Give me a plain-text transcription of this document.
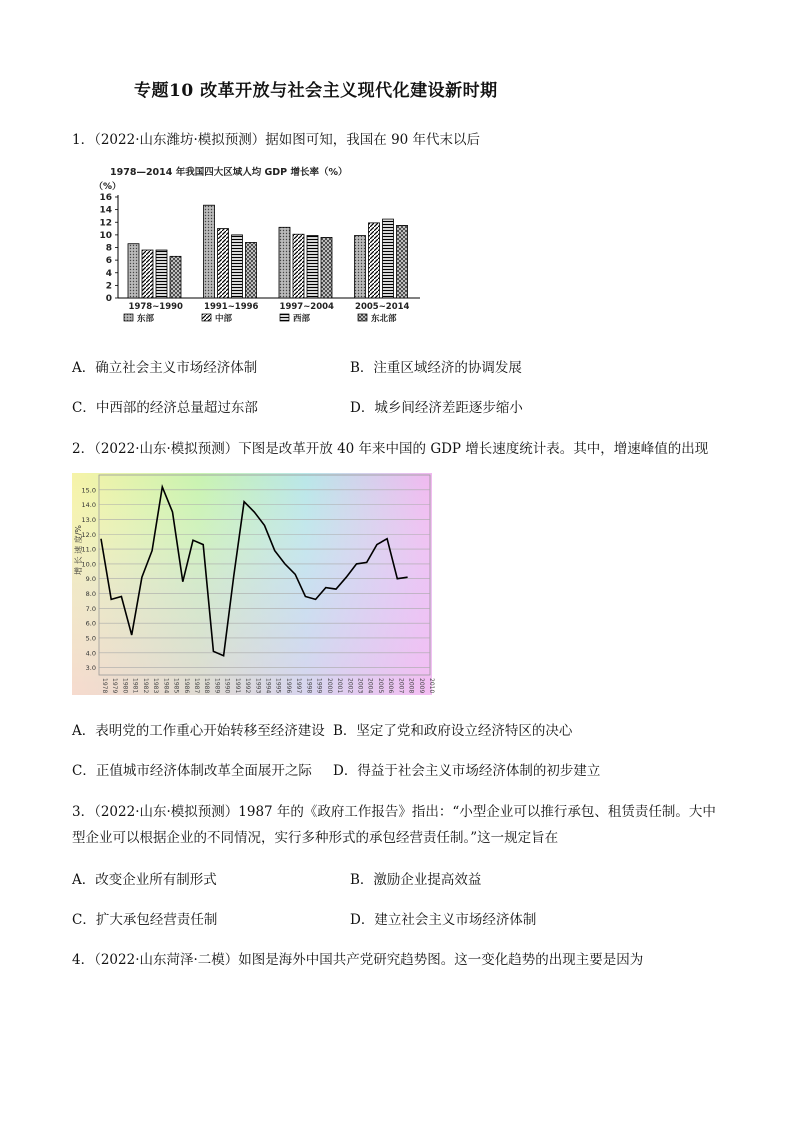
专题10 改革开放与社会主义现代化建设新时期
1．（2022·山东潍坊·模拟预测）据如图可知，我国在 90 年代末以后
1978—2014 年我国四大区域人均 GDP 增长率（%）
（%）
16
14
12
10
8
6
4
2
0
1978~1990 1991~1996 1997~2004 2005~2014
东部	中部	西部	东北部
A．确立社会主义市场经济体制	B．注重区域经济的协调发展
C．中西部的经济总量超过东部	D．城乡间经济差距逐步缩小
2．（2022·山东·模拟预测）下图是改革开放 40 年来中国的 GDP 增长速度统计表。其中，增速峰值的出现
15.0
14.0
13.0
12.0
11.0
10.0
9.0
8.0
7.0
6.0
5.0
4.0
3.0
1978 1979 1980 1981 1982 1983 1984 1985 1986 1987 1988 1989 1990 1991 1992 1993 1994 1995 1996 1997 1998 1999 2000 2001 2002 2003 2004 2005 2006 2007 2008 2009 2010
增 长 速 度/%
A．表明党的工作重心开始转移至经济建设 B．坚定了党和政府设立经济特区的决心
C．正值城市经济体制改革全面展开之际 D．得益于社会主义市场经济体制的初步建立
3．（2022·山东·模拟预测）1987 年的《政府工作报告》指出：“小型企业可以推行承包、租赁责任制。大中
型企业可以根据企业的不同情况，实行多种形式的承包经营责任制。”这一规定旨在
A．改变企业所有制形式	B．激励企业提高效益
C．扩大承包经营责任制	D．建立社会主义市场经济体制
4．（2022·山东菏泽·二模）如图是海外中国共产党研究趋势图。这一变化趋势的出现主要是因为
